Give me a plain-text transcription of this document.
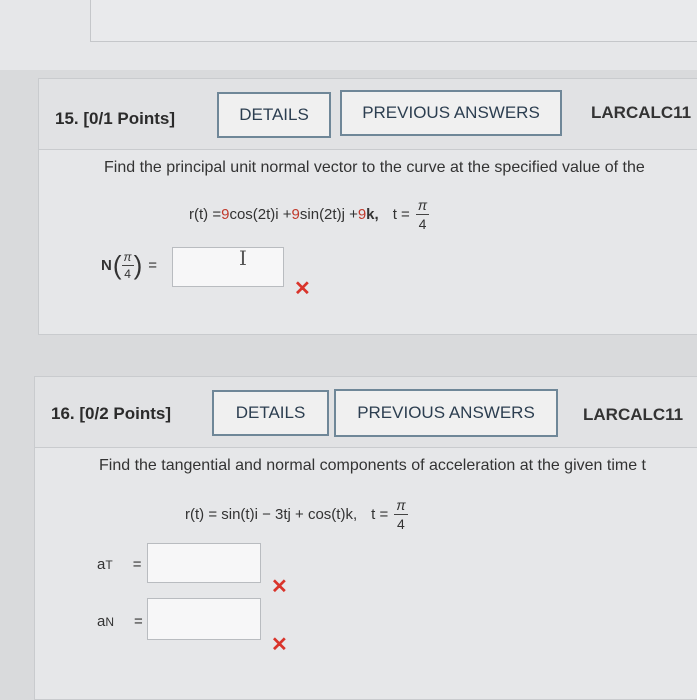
15. [0/1 Points]	DETAILS	PREVIOUS ANSWERS	LARCALC11
Find the principal unit normal vector to the curve at the specified value of the
r(t) = 9 cos(2t)i + 9 sin(2t)j + 9 k, $t = \frac{\pi}{4}$
N ( $\frac{\pi}{4}$ ) =	I
✕
16. [0/2 Points]	DETAILS	PREVIOUS ANSWERS	LARCALC11
Find the tangential and normal components of acceleration at the given time t
r(t) = sin(t)i − 3tj + cos(t)k, $t = \frac{\pi}{4}$
a T =
✕
a N =
✕
